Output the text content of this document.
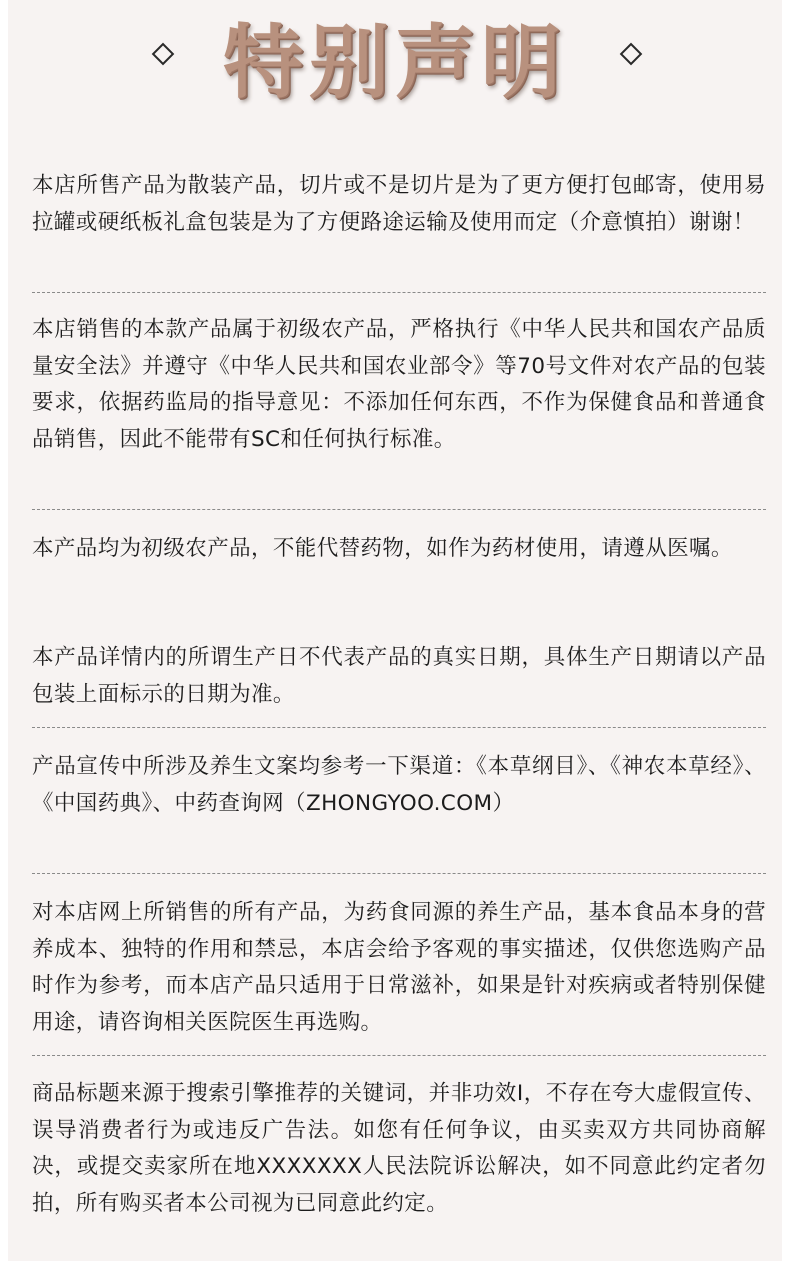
特别声明
本店所售产品为散装产品，切片或不是切片是为了更方便打包邮寄，使用易拉罐或硬纸板礼盒包装是为了方便路途运输及使用而定（介意慎拍）谢谢！
本店销售的本款产品属于初级农产品，严格执行《中华人民共和国农产品质量安全法》并遵守《中华人民共和国农业部令》等70号文件对农产品的包装要求，依据药监局的指导意见：不添加任何东西，不作为保健食品和普通食品销售，因此不能带有SC和任何执行标准。
本产品均为初级农产品，不能代替药物，如作为药材使用，请遵从医嘱。
本产品详情内的所谓生产日不代表产品的真实日期，具体生产日期请以产品包装上面标示的日期为准。
产品宣传中所涉及养生文案均参考一下渠道：《本草纲目》、《神农本草经》、《中国药典》、中药查询网（ZHONGYOO.COM）
对本店网上所销售的所有产品，为药食同源的养生产品，基本食品本身的营养成本、独特的作用和禁忌，本店会给予客观的事实描述，仅供您选购产品时作为参考，而本店产品只适用于日常滋补，如果是针对疾病或者特别保健用途，请咨询相关医院医生再选购。
商品标题来源于搜索引擎推荐的关键词，并非功效I，不存在夸大虚假宣传、误导消费者行为或违反广告法。如您有任何争议，由买卖双方共同协商解决，或提交卖家所在地XXXXXXX人民法院诉讼解决，如不同意此约定者勿拍，所有购买者本公司视为已同意此约定。
